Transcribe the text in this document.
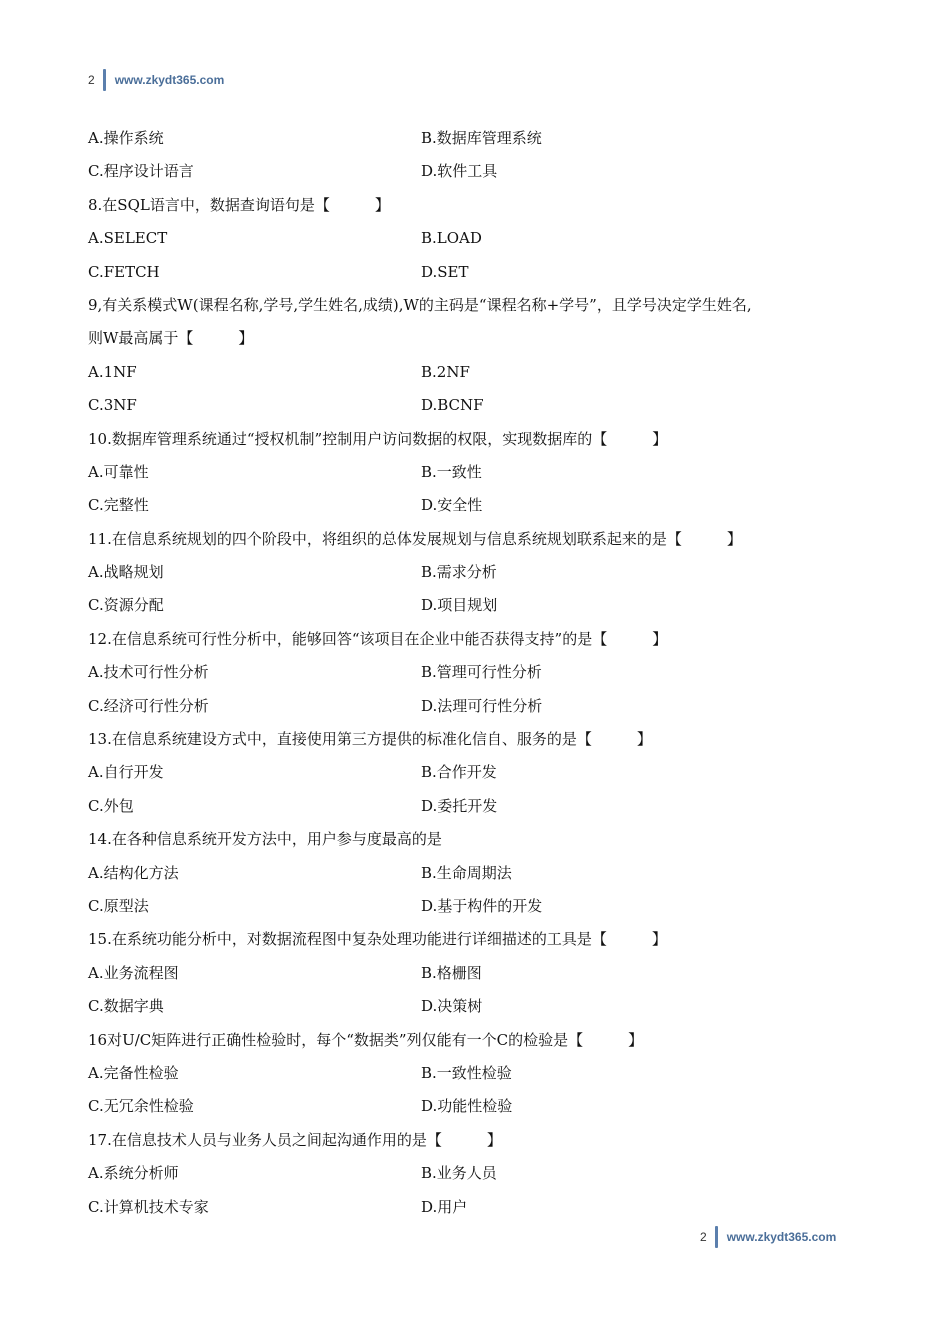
2 www.zkydt365.com
A.操作系统	B.数据库管理系统
C.程序设计语言	D.软件工具
8.在SQL语言中，数据查询语句是【　　　】
A.SELECT	B.LOAD
C.FETCH	D.SET
9,有关系模式W(课程名称,学号,学生姓名,成绩),W的主码是“课程名称+学号”，且学号决定学生姓名,
则W最高属于【　　　】
A.1NF	B.2NF
C.3NF	D.BCNF
10.数据库管理系统通过“授权机制”控制用户访问数据的权限，实现数据库的【　　　】
A.可靠性	B.一致性
C.完整性	D.安全性
11.在信息系统规划的四个阶段中，将组织的总体发展规划与信息系统规划联系起来的是【　　　】
A.战略规划	B.需求分析
C.资源分配	D.项目规划
12.在信息系统可行性分析中，能够回答“该项目在企业中能否获得支持”的是【　　　】
A.技术可行性分析	B.管理可行性分析
C.经济可行性分析	D.法理可行性分析
13.在信息系统建设方式中，直接使用第三方提供的标准化信自、服务的是【　　　】
A.自行开发	B.合作开发
C.外包	D.委托开发
14.在各种信息系统开发方法中，用户参与度最高的是
A.结构化方法	B.生命周期法
C.原型法	D.基于构件的开发
15.在系统功能分析中，对数据流程图中复杂处理功能进行详细描述的工具是【　　　】
A.业务流程图	B.格栅图
C.数据字典	D.决策树
16对U/C矩阵进行正确性检验时，每个“数据类”列仅能有一个C的检验是【　　　】
A.完备性检验	B.一致性检验
C.无冗余性检验	D.功能性检验
17.在信息技术人员与业务人员之间起沟通作用的是【　　　】
A.系统分析师	B.业务人员
C.计算机技术专家	D.用户
2 www.zkydt365.com
